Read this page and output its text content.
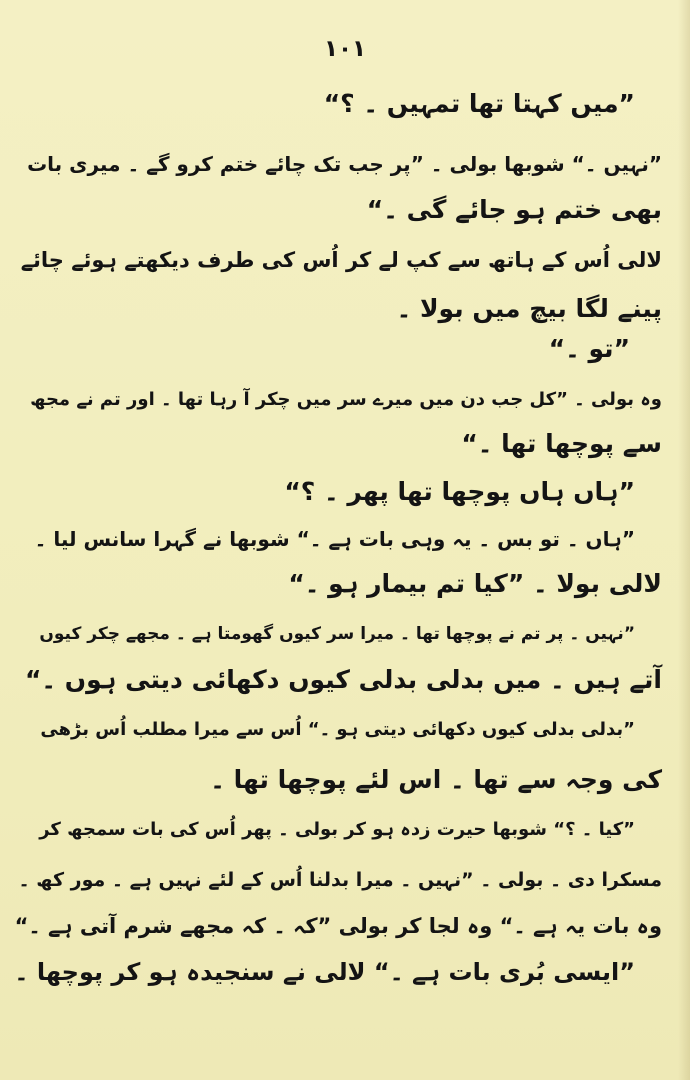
۱۰۱
”میں کہتا تھا تمہیں ۔ ؟“
”نہیں ۔“ شوبھا بولی ۔ ”پر جب تک چائے ختم کرو گے ۔ میری بات
بھی ختم ہو جائے گی ۔“
لالی اُس کے ہاتھ سے کپ لے کر اُس کی طرف دیکھتے ہوئے چائے
پینے لگا بیچ میں بولا ۔
”تو ۔“
وہ بولی ۔ ”کل جب دن میں میرے سر میں چکر آ رہا تھا ۔ اور تم نے مجھ
سے پوچھا تھا ۔“
”ہاں ہاں پوچھا تھا پھر ۔ ؟“
”ہاں ۔ تو بس ۔ یہ وہی بات ہے ۔“ شوبھا نے گہرا سانس لیا ۔
لالی بولا ۔ ”کیا تم بیمار ہو ۔“
”نہیں ۔ پر تم نے پوچھا تھا ۔ میرا سر کیوں گھومتا ہے ۔ مجھے چکر کیوں
آتے ہیں ۔ میں بدلی بدلی کیوں دکھائی دیتی ہوں ۔“
”بدلی بدلی کیوں دکھائی دیتی ہو ۔“ اُس سے میرا مطلب اُس بڑھی
کی وجہ سے تھا ۔ اس لئے پوچھا تھا ۔
”کیا ۔ ؟“ شوبھا حیرت زدہ ہو کر بولی ۔ پھر اُس کی بات سمجھ کر
مسکرا دی ۔ بولی ۔ ”نہیں ۔ میرا بدلنا اُس کے لئے نہیں ہے ۔ مور کھ ۔
وہ بات یہ ہے ۔“ وہ لجا کر بولی ”کہ ۔ کہ مجھے شرم آتی ہے ۔“
”ایسی بُری بات ہے ۔“ لالی نے سنجیدہ ہو کر پوچھا ۔
